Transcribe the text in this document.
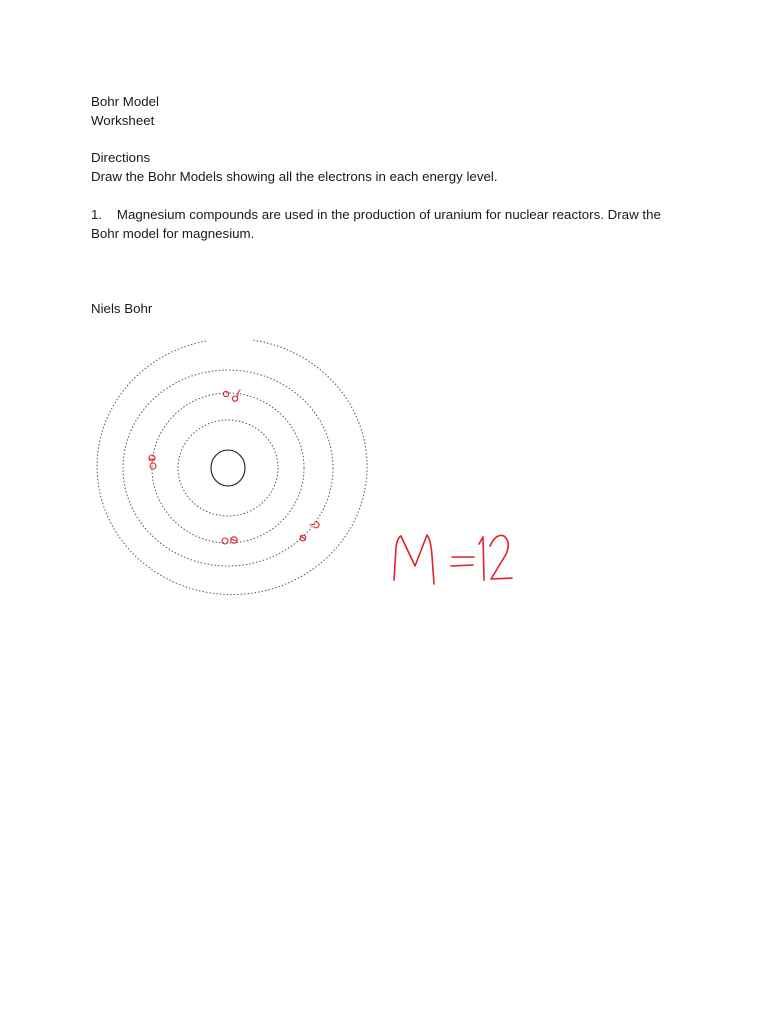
Bohr Model
Worksheet
Directions
Draw the Bohr Models showing all the electrons in each energy level.
1. Magnesium compounds are used in the production of uranium for nuclear reactors. Draw the Bohr model for magnesium.
Niels Bohr
